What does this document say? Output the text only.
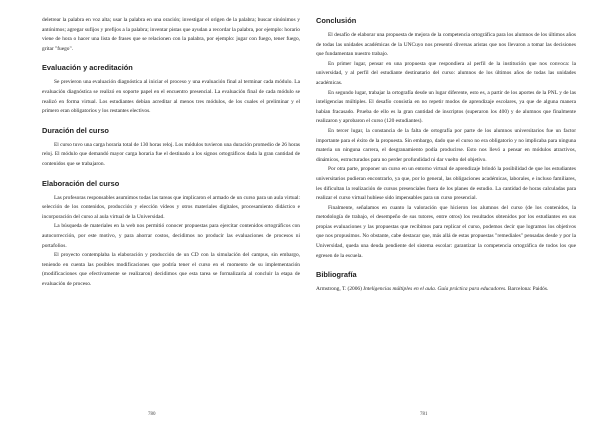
deletrear la palabra en voz alta; usar la palabra en una oración; investigar el origen de la palabra; buscar sinónimos y antónimos; agregar sufijos y prefijos a la palabra; inventar pistas que ayudan a recordar la palabra, por ejemplo: horario viene de hora o hacer una lista de frases que se relacionen con la palabra, por ejemplo: jugar con fuego, tener fuego, gritar "fuego".

Evaluación y acreditación

Se previeron una evaluación diagnóstica al iniciar el proceso y una evaluación final al terminar cada módulo. La evaluación diagnóstica se realizó en soporte papel en el encuentro presencial. La evaluación final de cada módulo se realizó en forma virtual. Los estudiantes debían acreditar al menos tres módulos, de los cuales el preliminar y el primero eran obligatorios y los restantes electivos.

Duración del curso

El curso tuvo una carga horaria total de 130 horas reloj. Los módulos tuvieron una duración promedio de 26 horas reloj. El módulo que demandó mayor carga horaria fue el destinado a los signos ortográficos dada la gran cantidad de contenidos que se trabajaron.

Elaboración del curso

Las profesoras responsables asumimos todas las tareas que implicaron el armado de un curso para un aula virtual: selección de los contenidos, producción y elección vídeos y otros materiales digitales, procesamiento didáctico e incorporación del curso al aula virtual de la Universidad.

La búsqueda de materiales en la web nos permitió conocer propuestas para ejercitar contenidos ortográficos con autocorrección, por este motivo, y para ahorrar costos, decidimos no producir las evaluaciones de procesos ni portafolios.

El proyecto contemplaba la elaboración y producción de un CD con la simulación del campus, sin embargo, teniendo en cuenta las posibles modificaciones que podría tener el curso en el momento de su implementación (modificaciones que efectivamente se realizaron) decidimos que esta tarea se formalizaría al concluir la etapa de evaluación de proceso.

780
Conclusión

El desafío de elaborar una propuesta de mejora de la competencia ortográfica para los alumnos de los últimos años de todas las unidades académicas de la UNCuyo nos presentó diversas aristas que nos llevaron a tomar las decisiones que fundamentan nuestro trabajo.

En primer lugar, pensar en una propuesta que respondiera al perfil de la institución que nos convoca: la universidad, y al perfil del estudiante destinatario del curso: alumnos de los últimos años de todas las unidades académicas.

En segundo lugar, trabajar la ortografía desde un lugar diferente, esto es, a partir de los aportes de la PNL y de las inteligencias múltiples. El desafío consistía en no repetir modos de aprendizaje escolares, ya que de alguna manera habían fracasado. Prueba de ello es la gran cantidad de inscriptos (superaron los 400) y de alumnos que finalmente realizaron y aprobaron el curso (120 estudiantes).

En tercer lugar, la constancia de la falta de ortografía por parte de los alumnos universitarios fue un factor importante para el éxito de la propuesta. Sin embargo, dado que el curso no era obligatorio y no implicaba para ninguna materia un ninguna carrera, el desgranamiento podía producirse. Esto nos llevó a pensar en módulos atractivos, dinámicos, estructurados para no perder profundidad ni dar vuelto del objetivo.

Por otra parte, proponer un curso en un entorno virtual de aprendizaje brindó la posibilidad de que los estudiantes universitarios pudieran encontrarlo, ya que, por lo general, las obligaciones académicas, laborales, e incluso familiares, les dificultan la realización de cursos presenciales fuera de los planes de estudio. La cantidad de horas calculadas para realizar el curso virtual hubiese sido impensables para un curso presencial.

Finalmente, señalamos en cuanto la valoración que hicieron los alumnos del curso (de los contenidos, la metodología de trabajo, el desempeño de sus tutores, entre otros) los resultados obtenidos por los estudiantes en sus propias evaluaciones y las propuestas que recibimos para replicar el curso, podemos decir que logramos los objetivos que nos propusimos. No obstante, cabe destacar que, más allá de estas propuestas "remediales" pensadas desde y por la Universidad, queda una deuda pendiente del sistema escolar: garantizar la competencia ortográfica de todos los que egresen de la escuela.

Bibliografía

Armstrong, T. (2006) Inteligencias múltiples en el aula. Guía práctica para educadores. Barcelona: Paidós.

781
